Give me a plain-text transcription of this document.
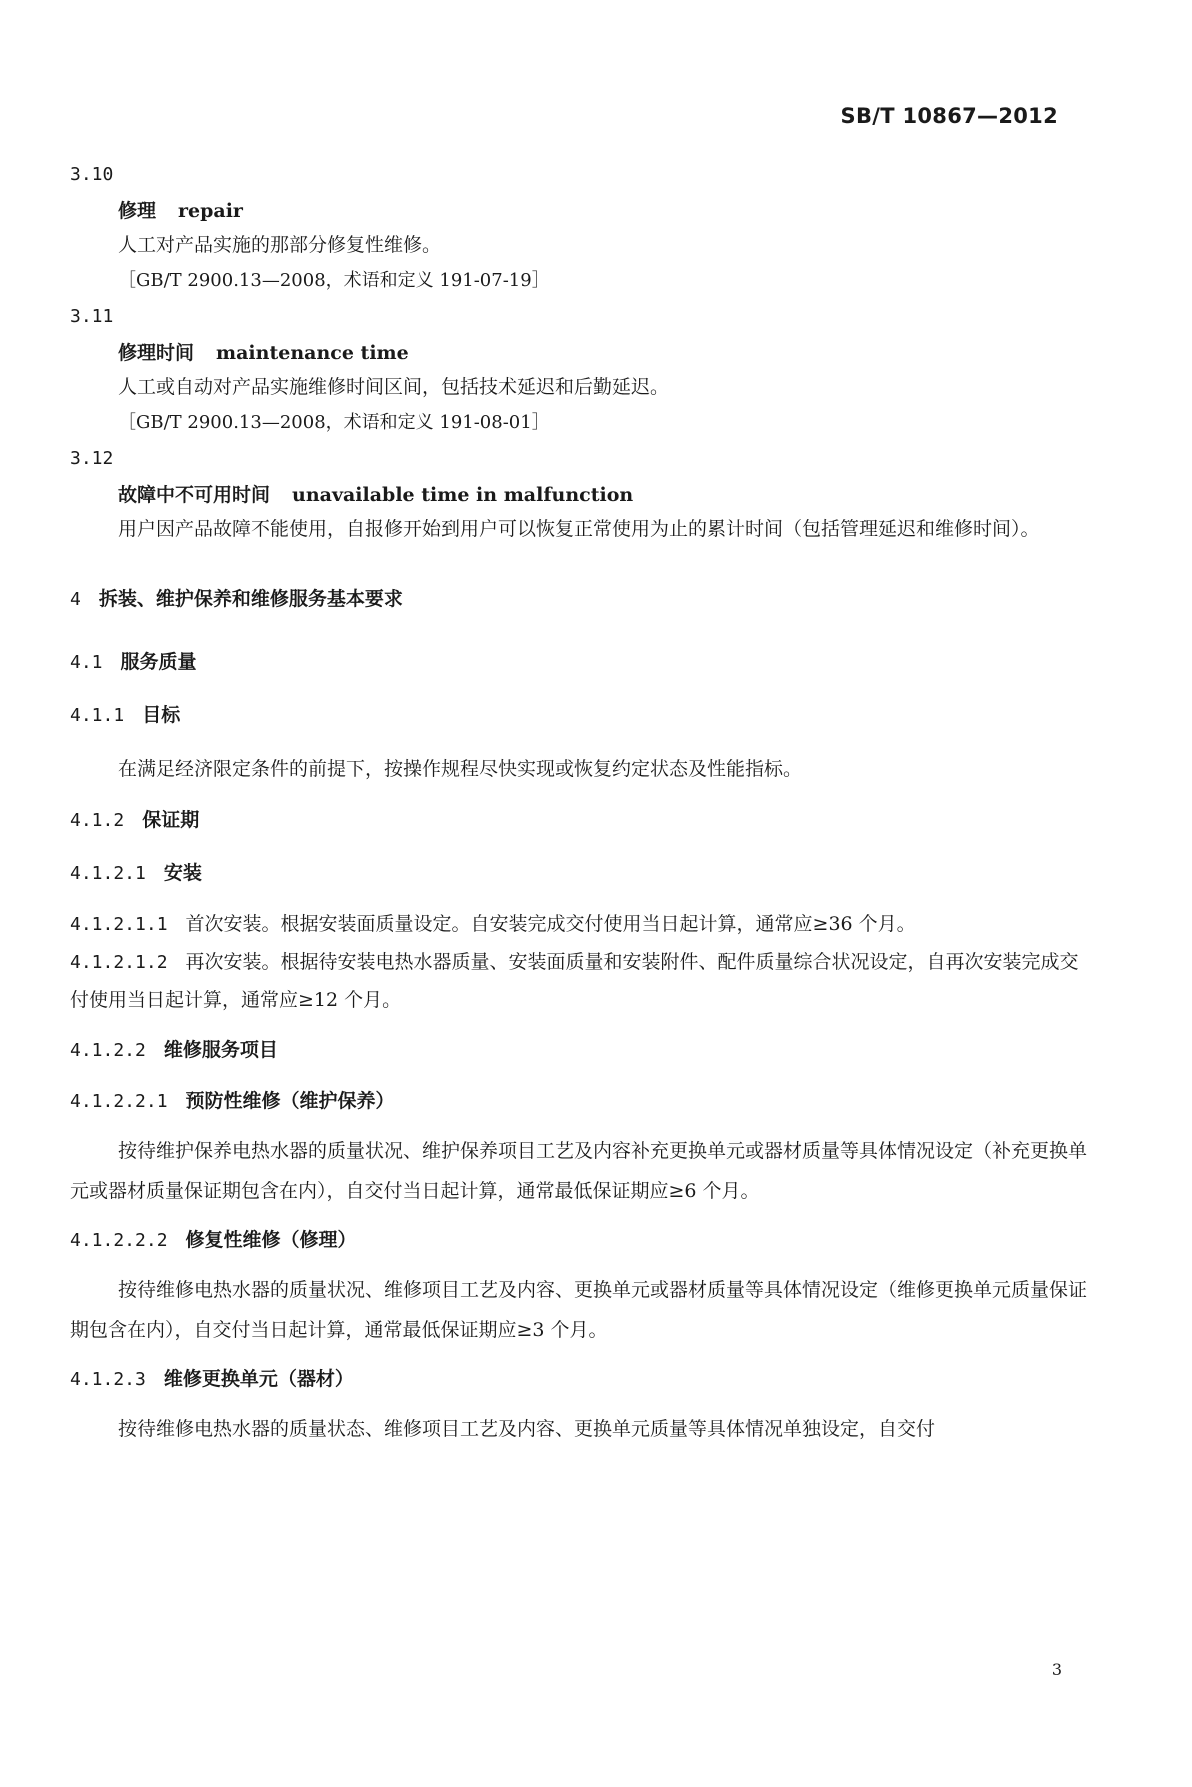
SB/T 10867—2012
3.10
修理 repair
人工对产品实施的那部分修复性维修。
［GB/T 2900.13—2008，术语和定义 191-07-19］
3.11
修理时间 maintenance time
人工或自动对产品实施维修时间区间，包括技术延迟和后勤延迟。
［GB/T 2900.13—2008，术语和定义 191-08-01］
3.12
故障中不可用时间 unavailable time in malfunction
用户因产品故障不能使用，自报修开始到用户可以恢复正常使用为止的累计时间（包括管理延迟和维修时间）。
4 拆装、维护保养和维修服务基本要求
4.1 服务质量
4.1.1 目标
在满足经济限定条件的前提下，按操作规程尽快实现或恢复约定状态及性能指标。
4.1.2 保证期
4.1.2.1 安装
4.1.2.1.1 首次安装。根据安装面质量设定。自安装完成交付使用当日起计算，通常应≥36 个月。
4.1.2.1.2 再次安装。根据待安装电热水器质量、安装面质量和安装附件、配件质量综合状况设定，自再次安装完成交付使用当日起计算，通常应≥12 个月。
4.1.2.2 维修服务项目
4.1.2.2.1 预防性维修（维护保养）
按待维护保养电热水器的质量状况、维护保养项目工艺及内容补充更换单元或器材质量等具体情况设定（补充更换单元或器材质量保证期包含在内），自交付当日起计算，通常最低保证期应≥6 个月。
4.1.2.2.2 修复性维修（修理）
按待维修电热水器的质量状况、维修项目工艺及内容、更换单元或器材质量等具体情况设定（维修更换单元质量保证期包含在内），自交付当日起计算，通常最低保证期应≥3 个月。
4.1.2.3 维修更换单元（器材）
按待维修电热水器的质量状态、维修项目工艺及内容、更换单元质量等具体情况单独设定，自交付
3
